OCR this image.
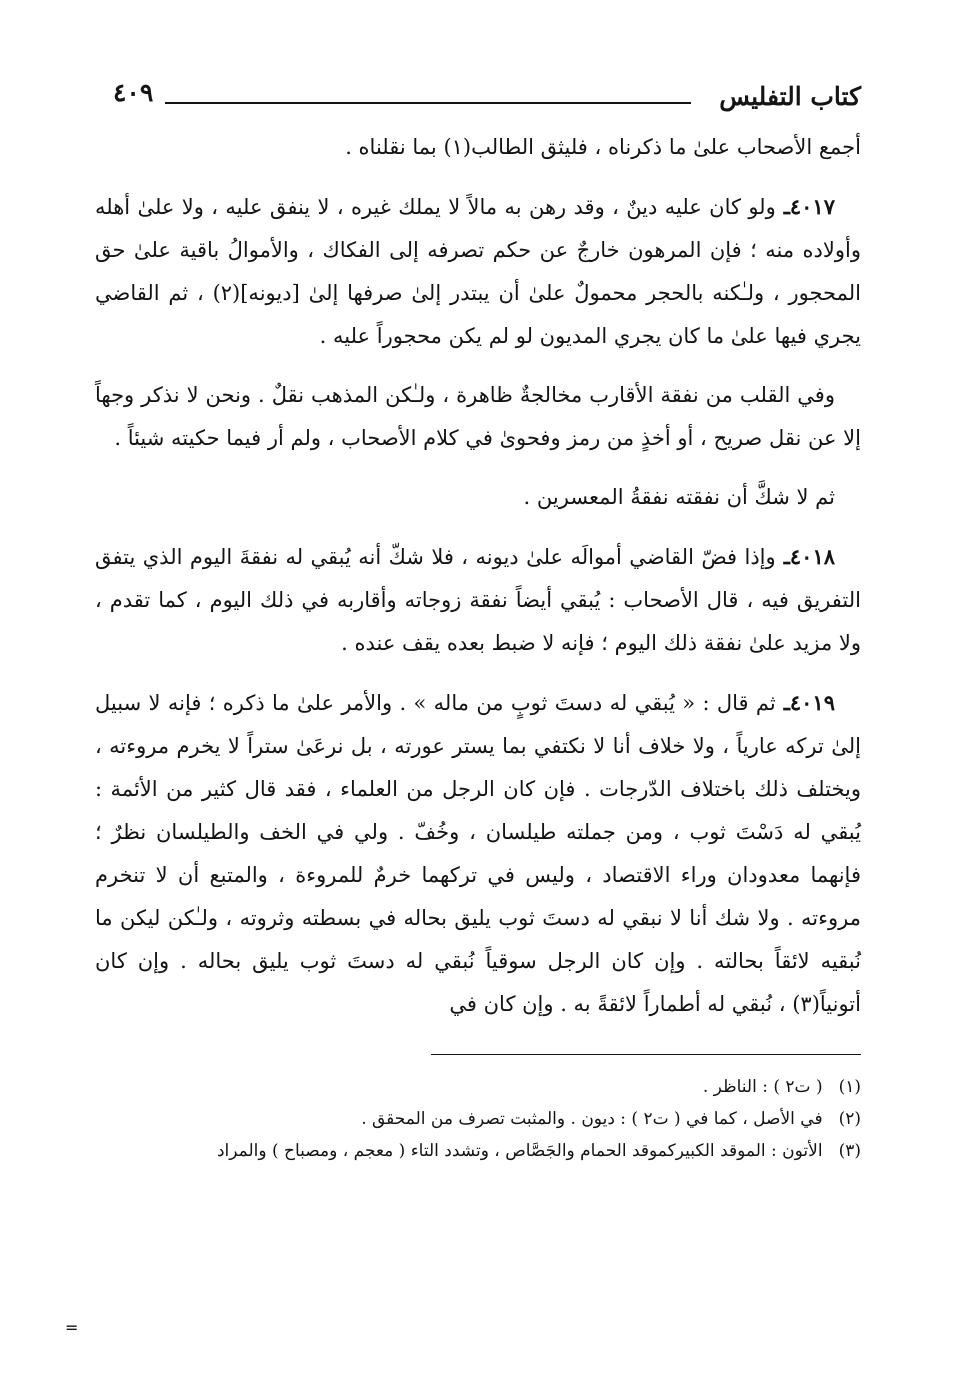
كتاب التفليس
٤٠٩

أجمع الأصحاب علىٰ ما ذكرناه ، فليثق الطالب(١) بما نقلناه .

٤٠١٧ـ ولو كان عليه دينٌ ، وقد رهن به مالاً لا يملك غيره ، لا ينفق عليه ، ولا علىٰ أهله وأولاده منه ؛ فإن المرهون خارجٌ عن حكم تصرفه إلى الفكاك ، والأموالُ باقية علىٰ حق المحجور ، ولـٰكنه بالحجر محمولٌ علىٰ أن يبتدر إلىٰ صرفها إلىٰ [ديونه](٢) ، ثم القاضي يجري فيها علىٰ ما كان يجري المديون لو لم يكن محجوراً عليه .

وفي القلب من نفقة الأقارب مخالجةٌ ظاهرة ، ولـٰكن المذهب نقلٌ . ونحن لا نذكر وجهاً إلا عن نقل صريح ، أو أخذٍ من رمز وفحوىٰ في كلام الأصحاب ، ولم أر فيما حكيته شيئاً .

ثم لا شكَّ أن نفقته نفقةُ المعسرين .

٤٠١٨ـ وإذا فضّ القاضي أموالَه علىٰ ديونه ، فلا شكّ أنه يُبقي له نفقةَ اليوم الذي يتفق التفريق فيه ، قال الأصحاب : يُبقي أيضاً نفقة زوجاته وأقاربه في ذلك اليوم ، كما تقدم ، ولا مزيد علىٰ نفقة ذلك اليوم ؛ فإنه لا ضبط بعده يقف عنده .

٤٠١٩ـ ثم قال : « يُبقي له دستَ ثوبٍ من ماله » . والأمر علىٰ ما ذكره ؛ فإنه لا سبيل إلىٰ تركه عارياً ، ولا خلاف أنا لا نكتفي بما يستر عورته ، بل نرعَىٰ ستراً لا يخرم مروءته ، ويختلف ذلك باختلاف الدّرجات . فإن كان الرجل من العلماء ، فقد قال كثير من الأئمة : يُبقي له دَسْتَ ثوب ، ومن جملته طيلسان ، وخُفّ . ولي في الخف والطيلسان نظرٌ ؛ فإنهما معدودان وراء الاقتصاد ، وليس في تركهما خرمٌ للمروءة ، والمتبع أن لا تنخرم مروءته . ولا شك أنا لا نبقي له دستَ ثوب يليق بحاله في بسطته وثروته ، ولـٰكن ليكن ما نُبقيه لائقاً بحالته . وإن كان الرجل سوقياً نُبقي له دستَ ثوب يليق بحاله . وإن كان أتونياً(٣) ، نُبقي له أطماراً لائقةً به . وإن كان في

(١)
( ت٢ ) : الناظر .

(٢)
في الأصل ، كما في ( ت٢ ) : ديون . والمثبت تصرف من المحقق .

(٣)
الأتون : الموقد الكبيركموقد الحمام والجَصَّاص ، وتشدد التاء ( معجم ، ومصباح ) والمراد

=
